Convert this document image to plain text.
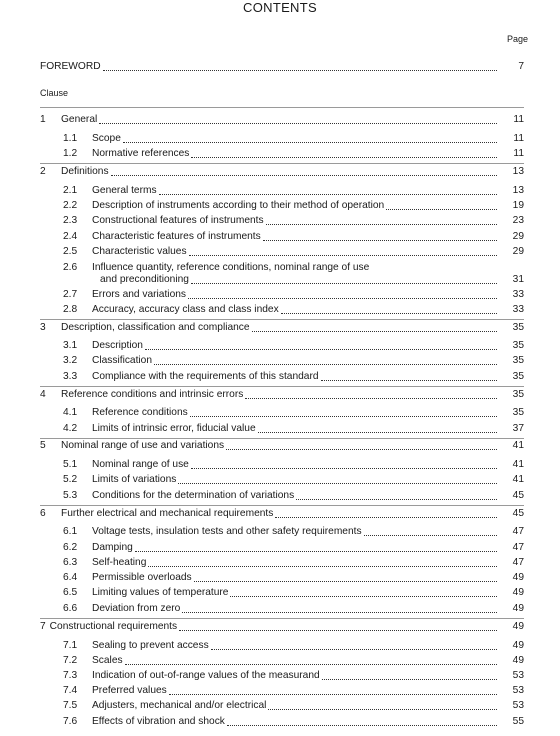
CONTENTS
Page
FOREWORD	7
Clause
1	General	11
1.1	Scope	11
1.2	Normative references	11
2	Definitions	13
2.1	General terms	13
2.2	Description of instruments according to their method of operation	19
2.3	Constructional features of instruments	23
2.4	Characteristic features of instruments	29
2.5	Characteristic values	29
2.6	Influence quantity, reference conditions, nominal range of use
and preconditioning	31
2.7	Errors and variations	33
2.8	Accuracy, accuracy class and class index	33
3	Description, classification and compliance	35
3.1	Description	35
3.2	Classification	35
3.3	Compliance with the requirements of this standard	35
4	Reference conditions and intrinsic errors	35
4.1	Reference conditions	35
4.2	Limits of intrinsic error, fiducial value	37
5	Nominal range of use and variations	41
5.1	Nominal range of use	41
5.2	Limits of variations	41
5.3	Conditions for the determination of variations	45
6	Further electrical and mechanical requirements	45
6.1	Voltage tests, insulation tests and other safety requirements	47
6.2	Damping	47
6.3	Self-heating	47
6.4	Permissible overloads	49
6.5	Limiting values of temperature	49
6.6	Deviation from zero	49
7 Constructional requirements	49
7.1	Sealing to prevent access	49
7.2	Scales	49
7.3	Indication of out-of-range values of the measurand	53
7.4	Preferred values	53
7.5	Adjusters, mechanical and/or electrical	53
7.6	Effects of vibration and shock	55
